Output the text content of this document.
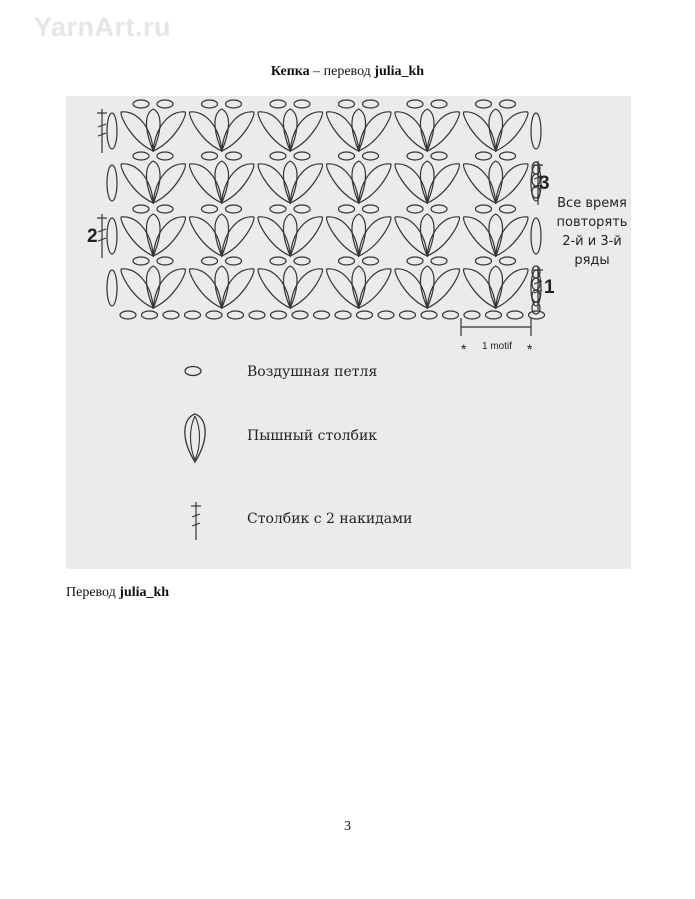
YarnArt.ru
Кепка – перевод julia_kh
3
2
1
Все время повторять 2-й и 3-й ряды
* 1 motif *
Воздушная петля
Пышный столбик
Столбик с 2 накидами
Перевод julia_kh
3
